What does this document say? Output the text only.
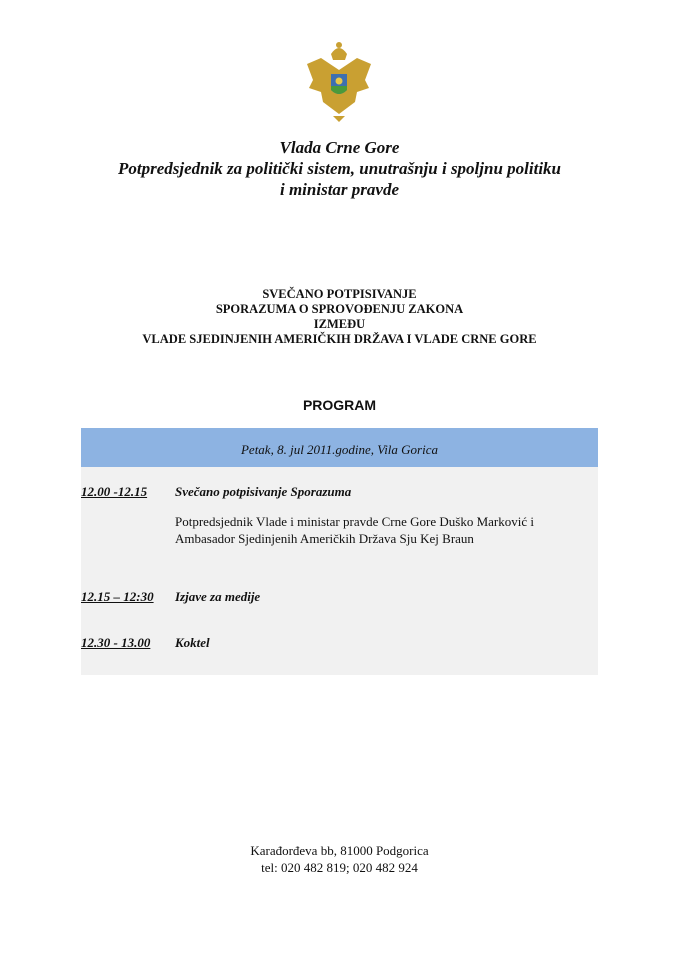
Vlada Crne Gore
Potpredsjednik za politički sistem, unutrašnju i spoljnu politiku
i ministar pravde
SVEČANO POTPISIVANJE
SPORAZUMA O SPROVOĐENJU ZAKONA
IZMEĐU
VLADE SJEDINJENIH AMERIČKIH DRŽAVA I VLADE CRNE GORE
PROGRAM
Petak, 8. jul 2011.godine, Vila Gorica
12.00 -12.15 Svečano potpisivanje Sporazuma
Potpredsjednik Vlade i ministar pravde Crne Gore Duško Marković i
Ambasador Sjedinjenih Američkih Država Sju Kej Braun
12.15 – 12:30 Izjave za medije
12.30 - 13.00 Koktel
Karađorđeva bb, 81000 Podgorica
tel: 020 482 819; 020 482 924
